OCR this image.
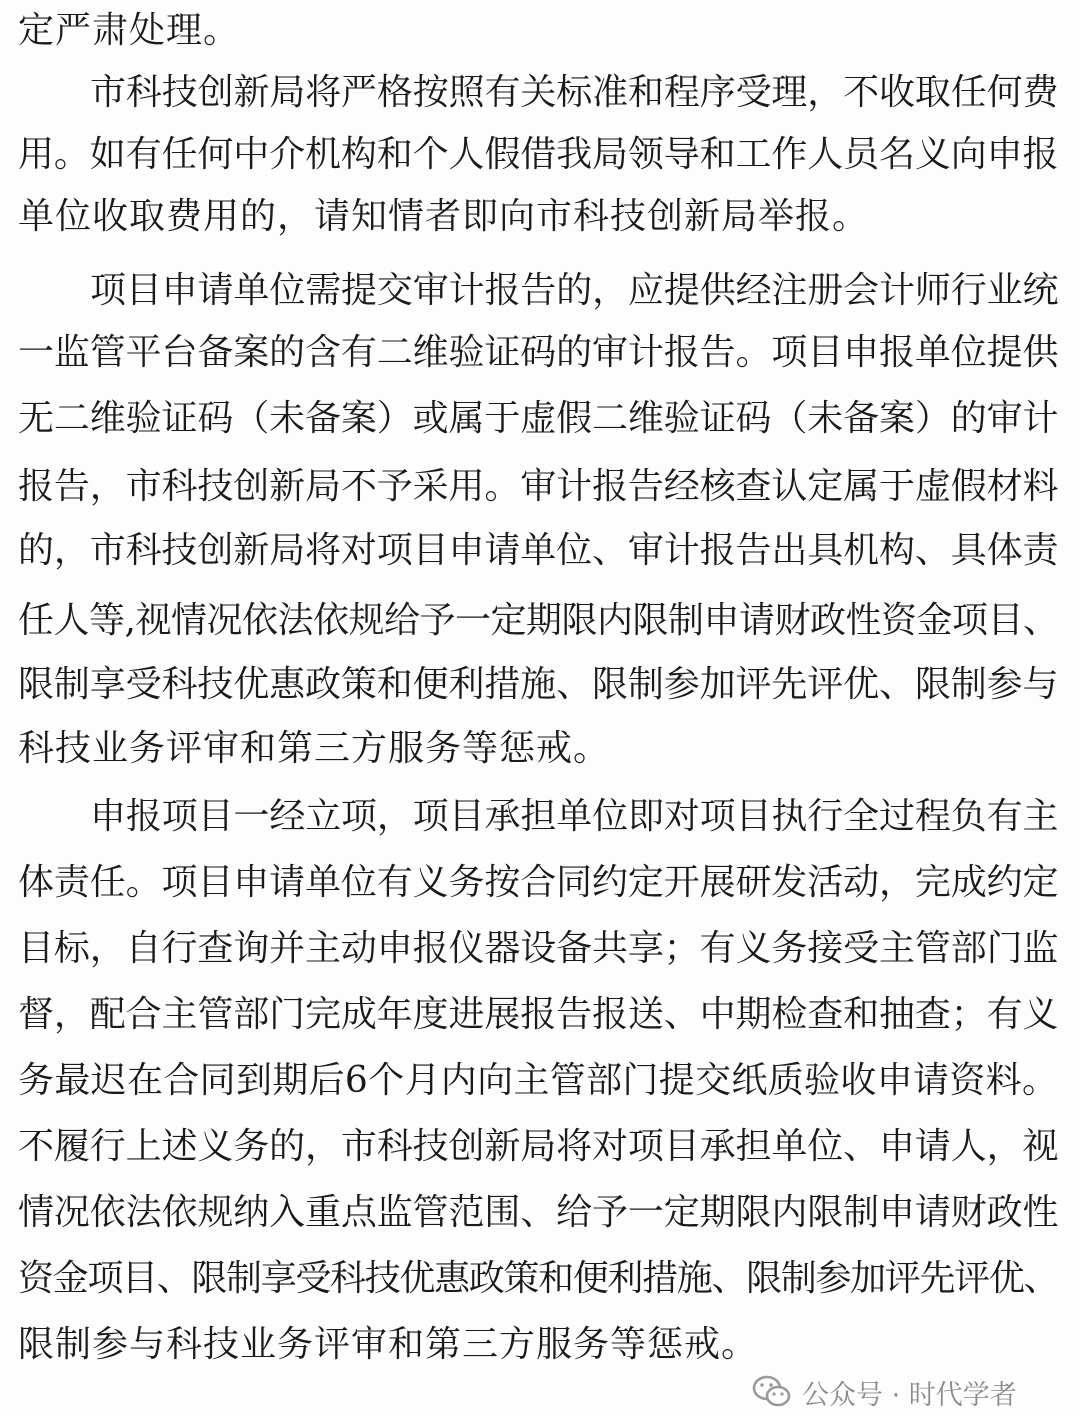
定严肃处理。
市科技创新局将严格按照有关标准和程序受理，不收取任何费
用。如有任何中介机构和个人假借我局领导和工作人员名义向申报
单位收取费用的，请知情者即向市科技创新局举报。
项目申请单位需提交审计报告的，应提供经注册会计师行业统
一监管平台备案的含有二维验证码的审计报告。项目申报单位提供
无二维验证码（未备案）或属于虚假二维验证码（未备案）的审计
报告，市科技创新局不予采用。审计报告经核查认定属于虚假材料
的，市科技创新局将对项目申请单位、审计报告出具机构、具体责
任人等,视情况依法依规给予一定期限内限制申请财政性资金项目、
限制享受科技优惠政策和便利措施、限制参加评先评优、限制参与
科技业务评审和第三方服务等惩戒。
申报项目一经立项，项目承担单位即对项目执行全过程负有主
体责任。项目申请单位有义务按合同约定开展研发活动，完成约定
目标，自行查询并主动申报仪器设备共享；有义务接受主管部门监
督，配合主管部门完成年度进展报告报送、中期检查和抽查；有义
务最迟在合同到期后6个月内向主管部门提交纸质验收申请资料。
不履行上述义务的，市科技创新局将对项目承担单位、申请人，视
情况依法依规纳入重点监管范围、给予一定期限内限制申请财政性
资金项目、限制享受科技优惠政策和便利措施、限制参加评先评优、
限制参与科技业务评审和第三方服务等惩戒。
公众号 · 时代学者
